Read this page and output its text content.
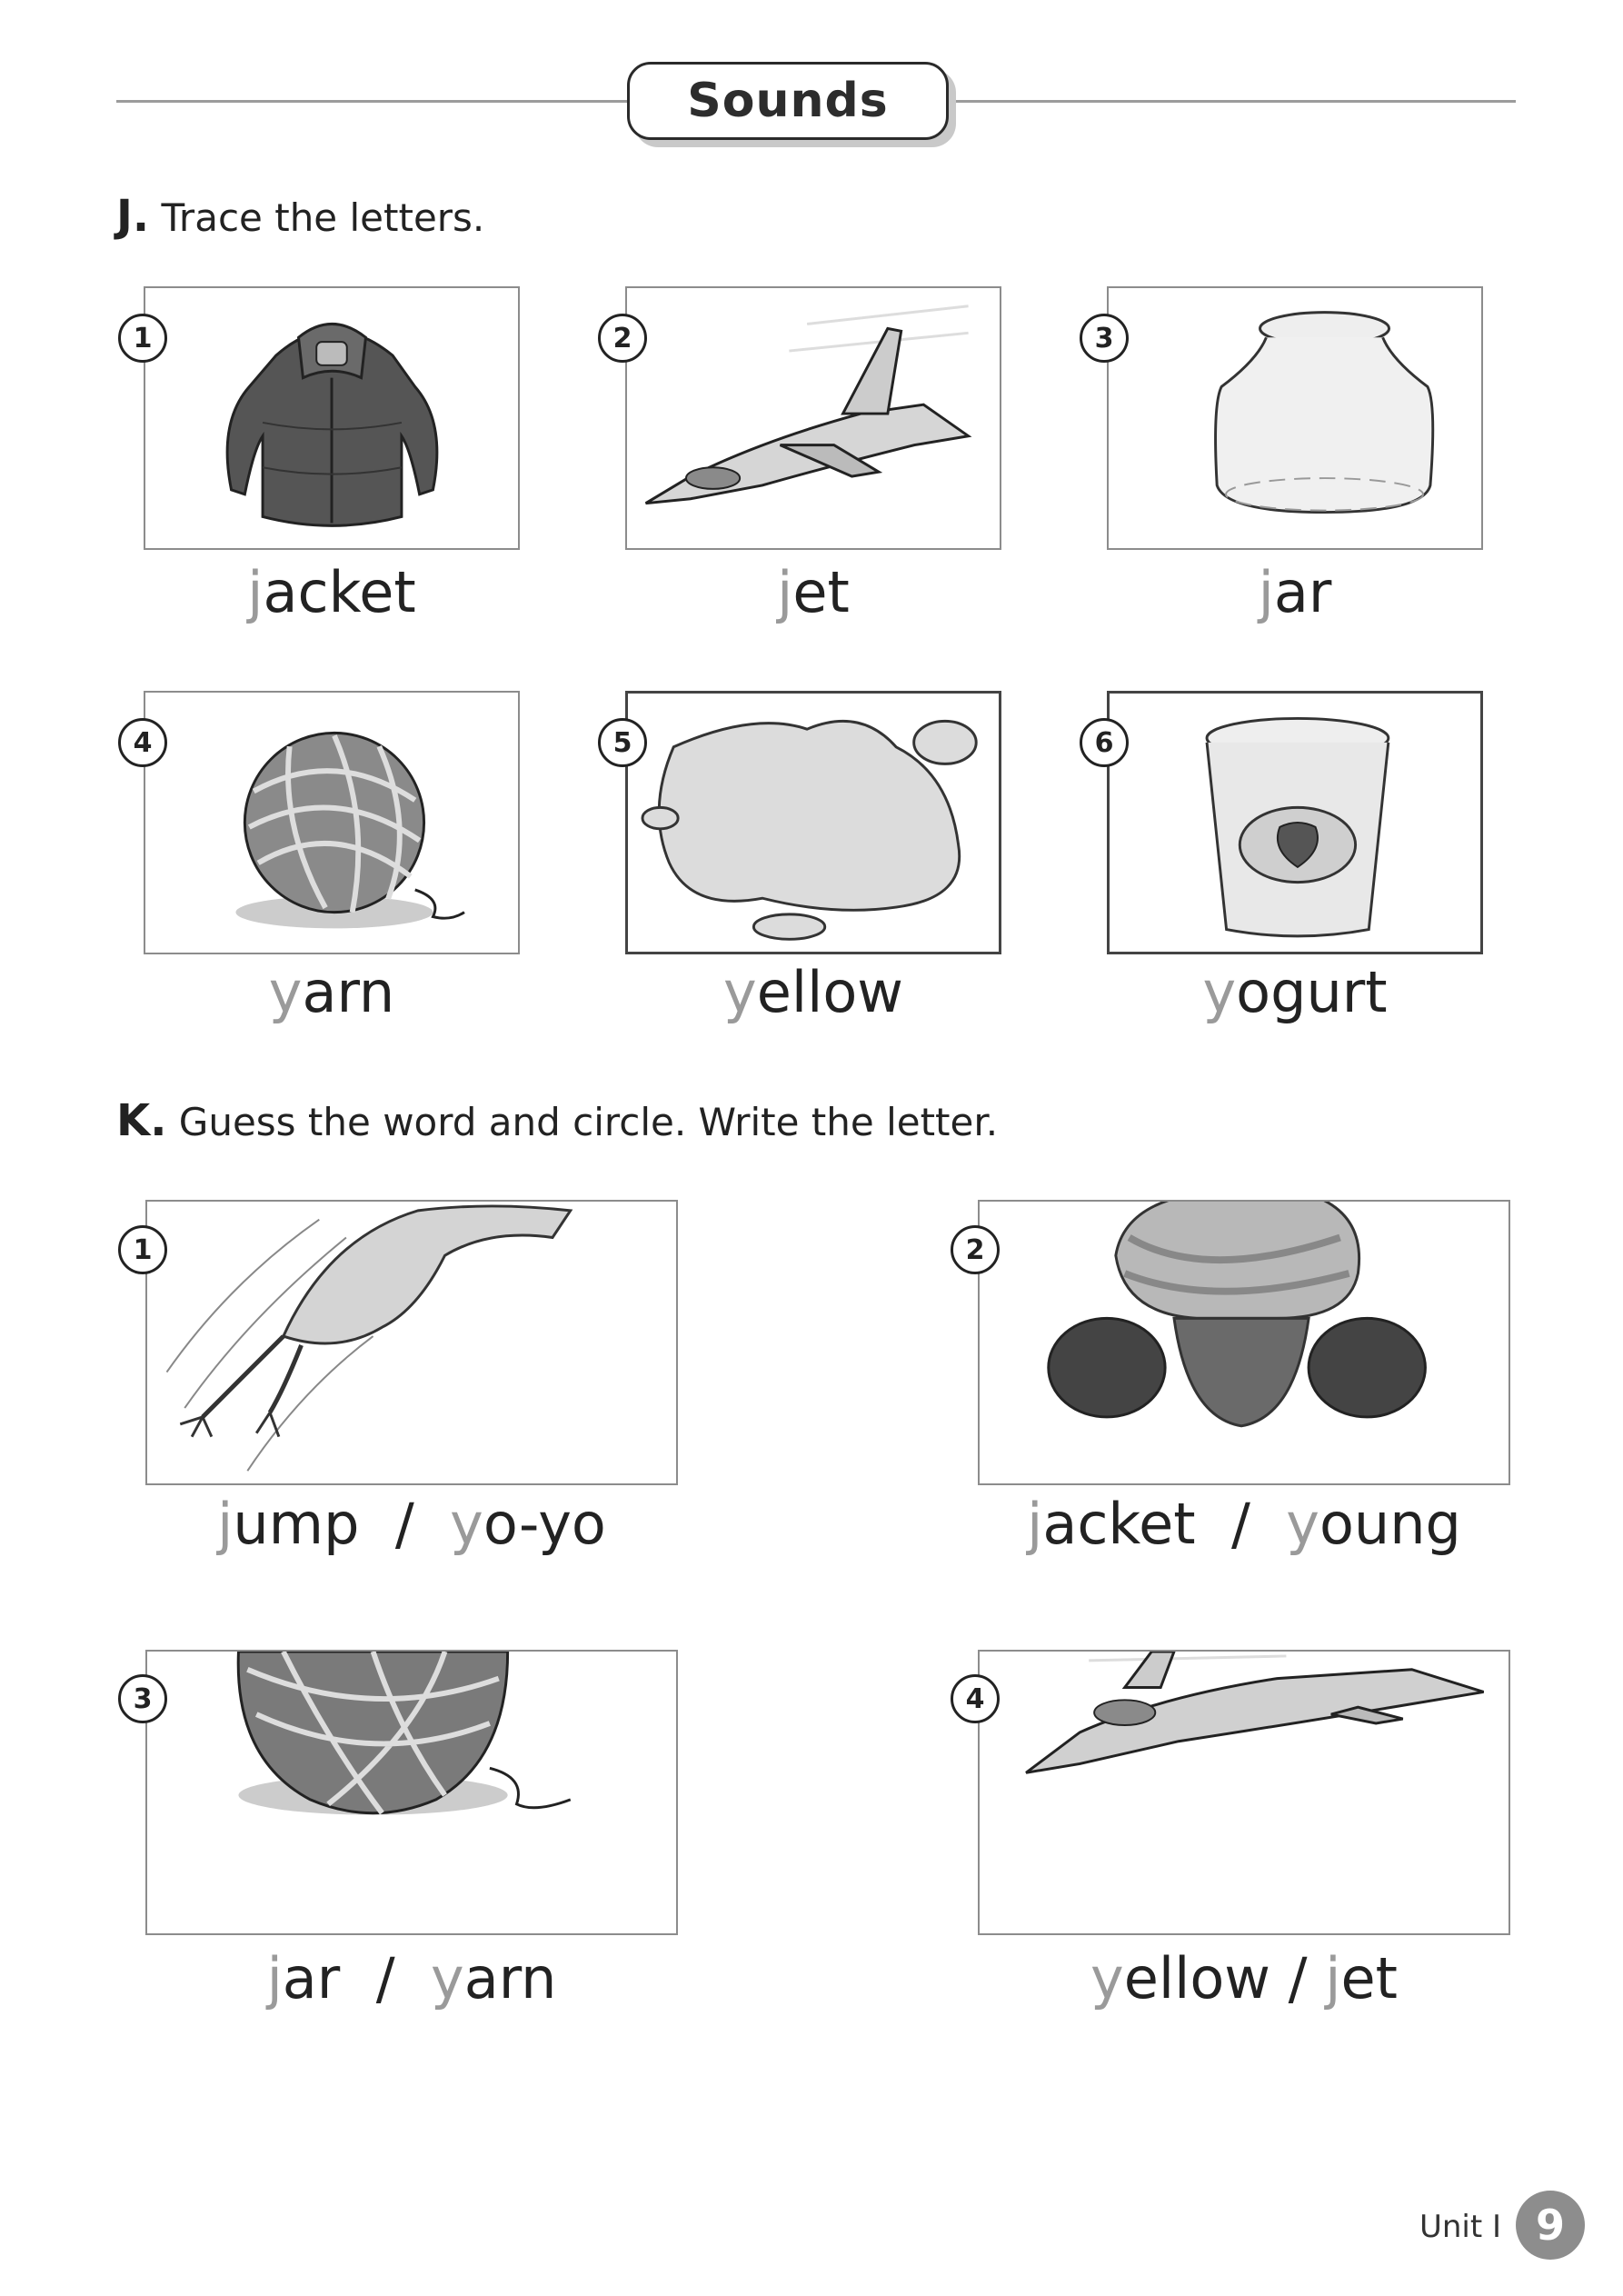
Sounds
J. Trace the letters.
1
jacket
2
jet
3
jar
4
yarn
5
yellow
6
yogurt
K. Guess the word and circle. Write the letter.
1
jump  /  yo-yo
2
jacket  /  young
3
jar  /  yarn
4
yellow / jet
Unit I 9
